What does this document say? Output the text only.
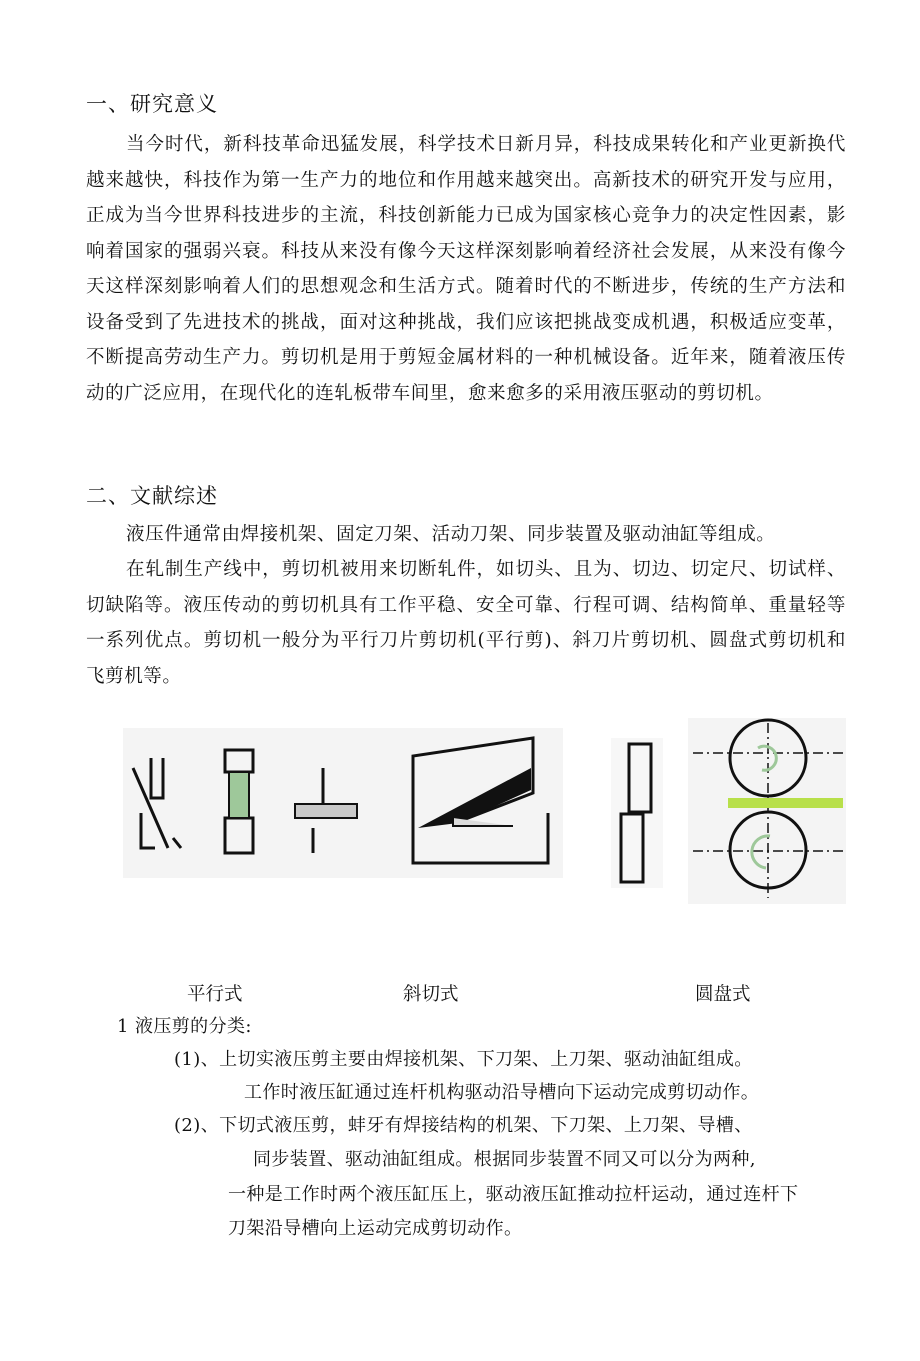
一、研究意义
当今时代，新科技革命迅猛发展，科学技术日新月异，科技成果转化和产业更新换代越来越快，科技作为第一生产力的地位和作用越来越突出。高新技术的研究开发与应用，正成为当今世界科技进步的主流，科技创新能力已成为国家核心竞争力的决定性因素，影响着国家的强弱兴衰。科技从来没有像今天这样深刻影响着经济社会发展，从来没有像今天这样深刻影响着人们的思想观念和生活方式。随着时代的不断进步，传统的生产方法和设备受到了先进技术的挑战，面对这种挑战，我们应该把挑战变成机遇，积极适应变革，不断提高劳动生产力。剪切机是用于剪短金属材料的一种机械设备。近年来，随着液压传动的广泛应用，在现代化的连轧板带车间里，愈来愈多的采用液压驱动的剪切机。
二、文献综述
液压件通常由焊接机架、固定刀架、活动刀架、同步装置及驱动油缸等组成。
在轧制生产线中，剪切机被用来切断轧件，如切头、且为、切边、切定尺、切试样、切缺陷等。液压传动的剪切机具有工作平稳、安全可靠、行程可调、结构简单、重量轻等一系列优点。剪切机一般分为平行刀片剪切机(平行剪)、斜刀片剪切机、圆盘式剪切机和飞剪机等。
平行式	斜切式	圆盘式
1 液压剪的分类:
(1)、上切实液压剪主要由焊接机架、下刀架、上刀架、驱动油缸组成。
工作时液压缸通过连杆机构驱动沿导槽向下运动完成剪切动作。
(2)、下切式液压剪，蚌牙有焊接结构的机架、下刀架、上刀架、导槽、
同步装置、驱动油缸组成。根据同步装置不同又可以分为两种,
一种是工作时两个液压缸压上，驱动液压缸推动拉杆运动，通过连杆下
刀架沿导槽向上运动完成剪切动作。
